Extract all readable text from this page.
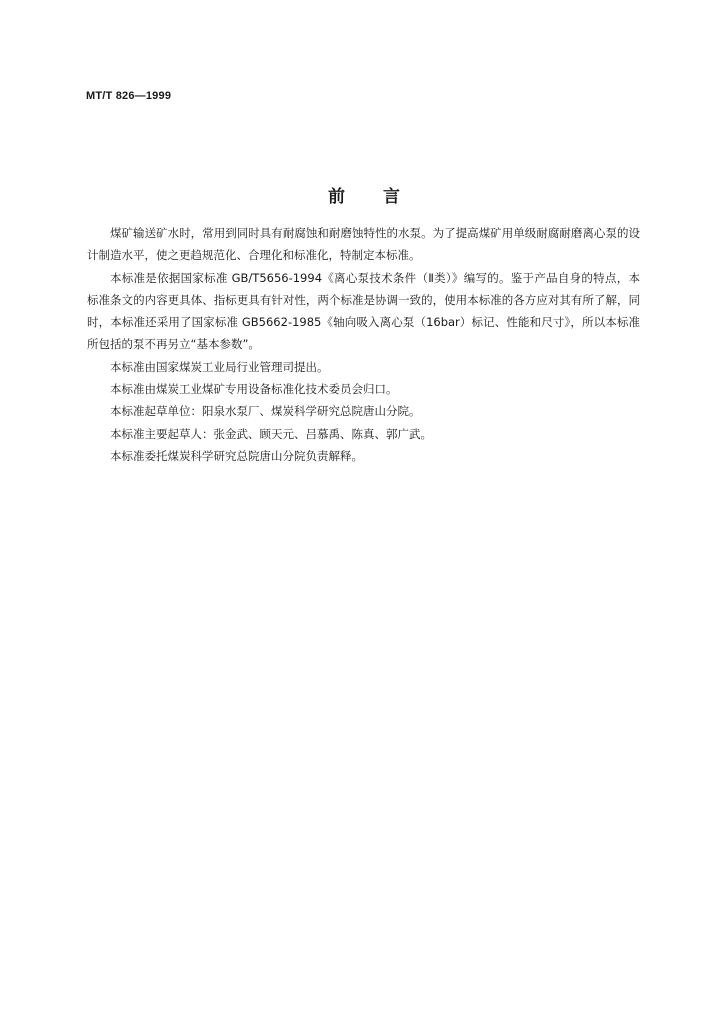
MT/T 826—1999
前言

煤矿输送矿水时，常用到同时具有耐腐蚀和耐磨蚀特性的水泵。为了提高煤矿用单级耐腐耐磨离心泵的设计制造水平，使之更趋规范化、合理化和标准化，特制定本标准。

本标准是依据国家标准 GB/T5656-1994《离心泵技术条件（Ⅱ类）》编写的。鉴于产品自身的特点，本标准条文的内容更具体、指标更具有针对性，两个标准是协调一致的，使用本标准的各方应对其有所了解，同时，本标准还采用了国家标准 GB5662-1985《轴向吸入离心泵（16bar）标记、性能和尺寸》，所以本标准所包括的泵不再另立“基本参数”。

本标准由国家煤炭工业局行业管理司提出。

本标准由煤炭工业煤矿专用设备标准化技术委员会归口。

本标准起草单位：阳泉水泵厂、煤炭科学研究总院唐山分院。

本标准主要起草人：张金武、顾天元、吕慕禹、陈真、郭广武。

本标准委托煤炭科学研究总院唐山分院负责解释。
